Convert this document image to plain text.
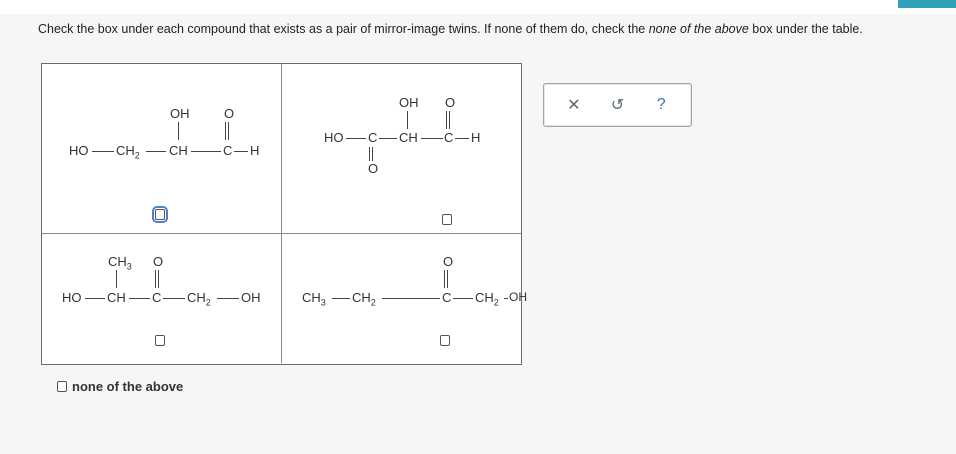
Check the box under each compound that exists as a pair of mirror-image twins. If none of them do, check the none of the above box under the table.
OH	O
HO $CH_2$ CH	C H
OH O
HO C CH C H
O
$CH_3$ O
HO CH C $CH_2$ OH
O
$CH_3$ $CH_2$	C $CH_2$ OH
none of the above
✕	↺	?
